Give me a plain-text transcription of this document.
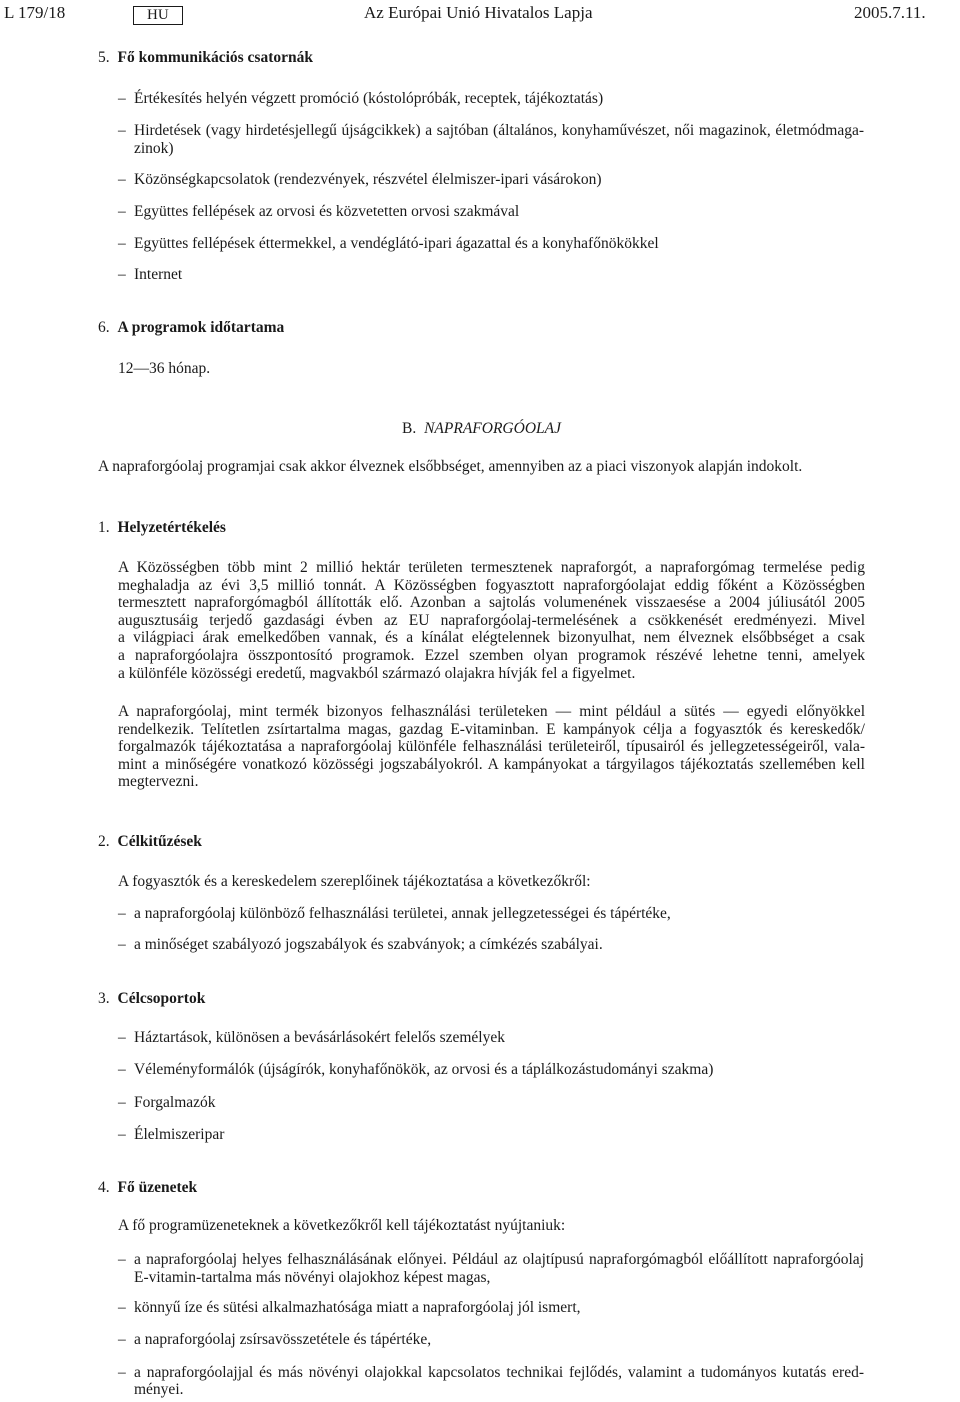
L 179/18	HU	Az Európai Unió Hivatalos Lapja	2005.7.11.
5. Fő kommunikációs csatornák
– Értékesítés helyén végzett promóció (kóstolópróbák, receptek, tájékoztatás)
– Hirdetések (vagy hirdetésjellegű újságcikkek) a sajtóban (általános, konyhaművészet, női magazinok, életmódmaga-
zinok)
– Közönségkapcsolatok (rendezvények, részvétel élelmiszer-ipari vásárokon)
– Együttes fellépések az orvosi és közvetetten orvosi szakmával
– Együttes fellépések éttermekkel, a vendéglátó-ipari ágazattal és a konyhafőnökökkel
– Internet
6. A programok időtartama
12—36 hónap.
B. NAPRAFORGÓOLAJ
A napraforgóolaj programjai csak akkor élveznek elsőbbséget, amennyiben az a piaci viszonyok alapján indokolt.
1. Helyzetértékelés
A Közösségben több mint 2 millió hektár területen termesztenek napraforgót, a napraforgómag termelése pedig
meghaladja az évi 3,5 millió tonnát. A Közösségben fogyasztott napraforgóolajat eddig főként a Közösségben
termesztett napraforgómagból állították elő. Azonban a sajtolás volumenének visszaesése a 2004 júliusától 2005
augusztusáig terjedő gazdasági évben az EU napraforgóolaj-termelésének a csökkenését eredményezi. Mivel
a világpiaci árak emelkedőben vannak, és a kínálat elégtelennek bizonyulhat, nem élveznek elsőbbséget a csak
a napraforgóolajra összpontosító programok. Ezzel szemben olyan programok részévé lehetne tenni, amelyek
a különféle közösségi eredetű, magvakból származó olajakra hívják fel a figyelmet.
A napraforgóolaj, mint termék bizonyos felhasználási területeken — mint például a sütés — egyedi előnyökkel
rendelkezik. Telítetlen zsírtartalma magas, gazdag E-vitaminban. E kampányok célja a fogyasztók és kereskedők/
forgalmazók tájékoztatása a napraforgóolaj különféle felhasználási területeiről, típusairól és jellegzetességeiről, vala-
mint a minőségére vonatkozó közösségi jogszabályokról. A kampányokat a tárgyilagos tájékoztatás szellemében kell
megtervezni.
2. Célkitűzések
A fogyasztók és a kereskedelem szereplőinek tájékoztatása a következőkről:
– a napraforgóolaj különböző felhasználási területei, annak jellegzetességei és tápértéke,
– a minőséget szabályozó jogszabályok és szabványok; a címkézés szabályai.
3. Célcsoportok
– Háztartások, különösen a bevásárlásokért felelős személyek
– Véleményformálók (újságírók, konyhafőnökök, az orvosi és a táplálkozástudományi szakma)
– Forgalmazók
– Élelmiszeripar
4. Fő üzenetek
A fő programüzeneteknek a következőkről kell tájékoztatást nyújtaniuk:
– a napraforgóolaj helyes felhasználásának előnyei. Például az olajtípusú napraforgómagból előállított napraforgóolaj
E-vitamin-tartalma más növényi olajokhoz képest magas,
– könnyű íze és sütési alkalmazhatósága miatt a napraforgóolaj jól ismert,
– a napraforgóolaj zsírsavösszetétele és tápértéke,
– a napraforgóolajjal és más növényi olajokkal kapcsolatos technikai fejlődés, valamint a tudományos kutatás ered-
ményei.
